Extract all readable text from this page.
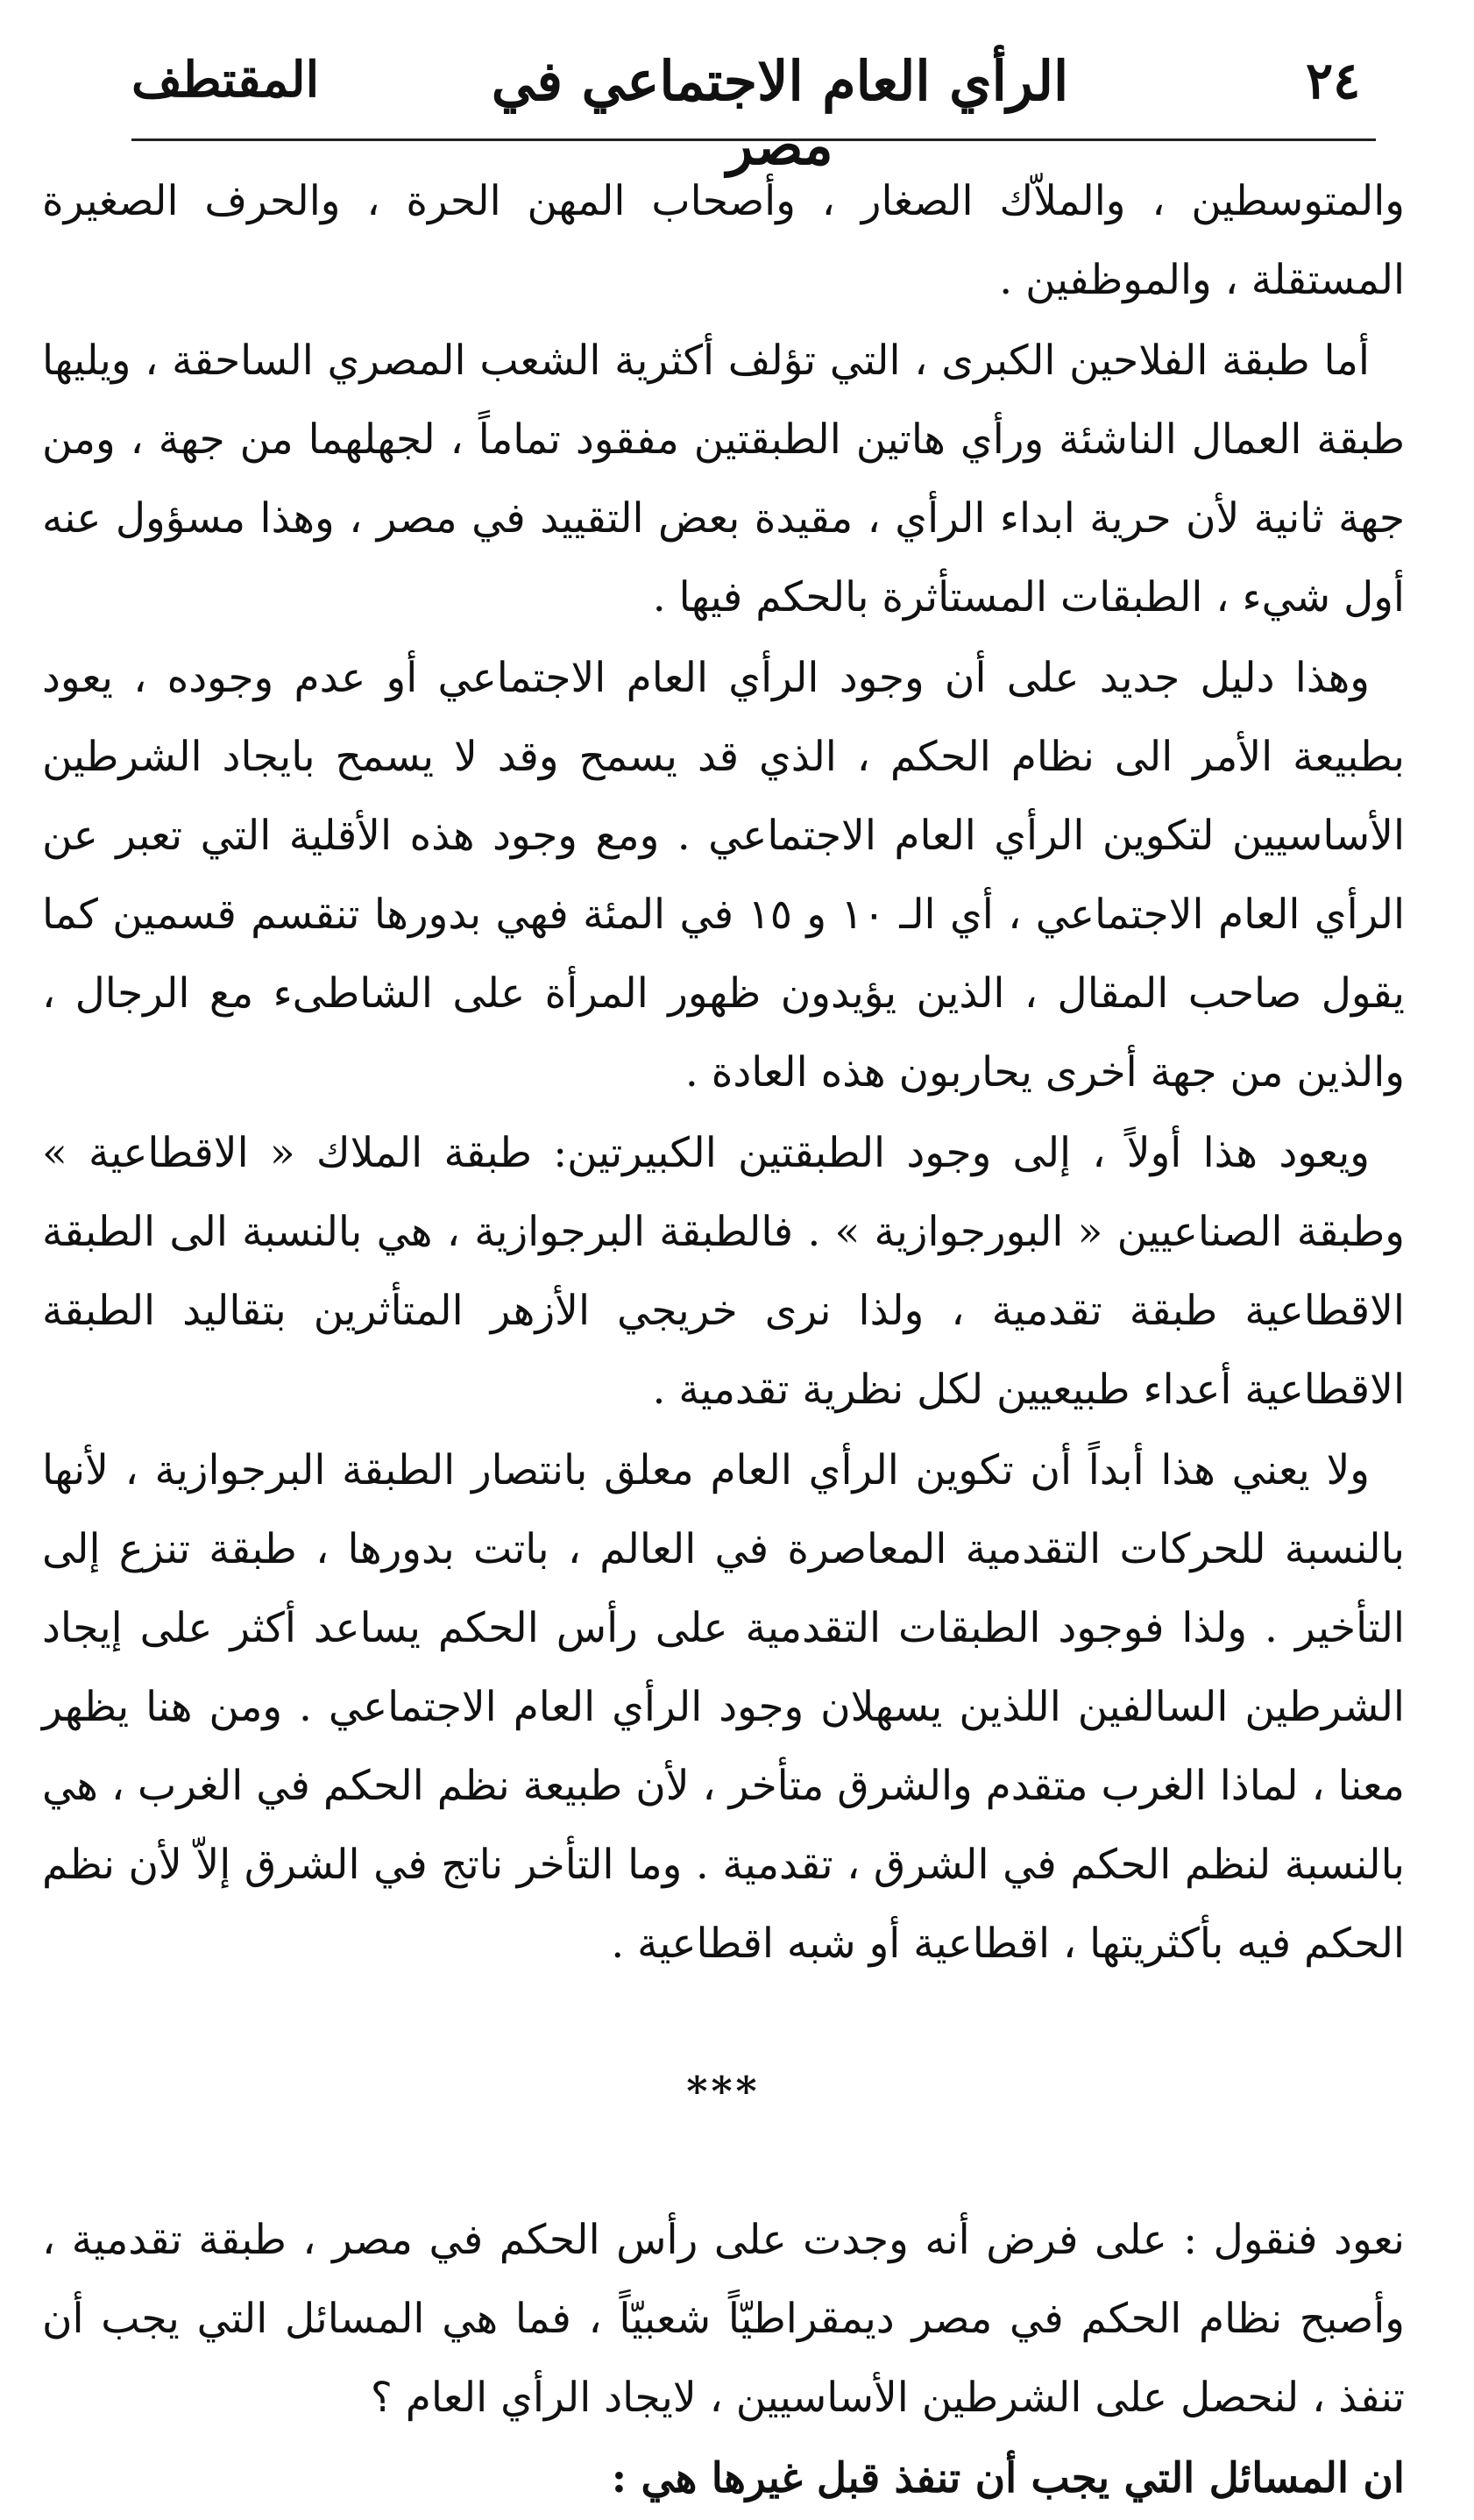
٢٤
الرأي العام الاجتماعي في مصر
المقتطف

والمتوسطين ، والملاّك الصغار ، وأصحاب المهن الحرة ، والحرف الصغيرة المستقلة ، والموظفين .

أما طبقة الفلاحين الكبرى ، التي تؤلف أكثرية الشعب المصري الساحقة ، ويليها طبقة العمال الناشئة ورأي هاتين الطبقتين مفقود تماماً ، لجهلهما من جهة ، ومن جهة ثانية لأن حرية ابداء الرأي ، مقيدة بعض التقييد في مصر ، وهذا مسؤول عنه أول شيء ، الطبقات المستأثرة بالحكم فيها .

وهذا دليل جديد على أن وجود الرأي العام الاجتماعي أو عدم وجوده ، يعود بطبيعة الأمر الى نظام الحكم ، الذي قد يسمح وقد لا يسمح بايجاد الشرطين الأساسيين لتكوين الرأي العام الاجتماعي . ومع وجود هذه الأقلية التي تعبر عن الرأي العام الاجتماعي ، أي الـ ١٠ و ١٥ في المئة فهي بدورها تنقسم قسمين كما يقول صاحب المقال ، الذين يؤيدون ظهور المرأة على الشاطىء مع الرجال ، والذين من جهة أخرى يحاربون هذه العادة .

ويعود هذا أولاً ، إلى وجود الطبقتين الكبيرتين: طبقة الملاك « الاقطاعية » وطبقة الصناعيين « البورجوازية » . فالطبقة البرجوازية ، هي بالنسبة الى الطبقة الاقطاعية طبقة تقدمية ، ولذا نرى خريجي الأزهر المتأثرين بتقاليد الطبقة الاقطاعية أعداء طبيعيين لكل نظرية تقدمية .

ولا يعني هذا أبداً أن تكوين الرأي العام معلق بانتصار الطبقة البرجوازية ، لأنها بالنسبة للحركات التقدمية المعاصرة في العالم ، باتت بدورها ، طبقة تنزع إلى التأخير . ولذا فوجود الطبقات التقدمية على رأس الحكم يساعد أكثر على إيجاد الشرطين السالفين اللذين يسهلان وجود الرأي العام الاجتماعي . ومن هنا يظهر معنا ، لماذا الغرب متقدم والشرق متأخر ، لأن طبيعة نظم الحكم في الغرب ، هي بالنسبة لنظم الحكم في الشرق ، تقدمية . وما التأخر ناتج في الشرق إلاّ لأن نظم الحكم فيه بأكثريتها ، اقطاعية أو شبه اقطاعية .

***

نعود فنقول : على فرض أنه وجدت على رأس الحكم في مصر ، طبقة تقدمية ، وأصبح نظام الحكم في مصر ديمقراطيّاً شعبيّاً ، فما هي المسائل التي يجب أن تنفذ ، لنحصل على الشرطين الأساسيين ، لايجاد الرأي العام ؟

ان المسائل التي يجب أن تنفذ قبل غيرها هي :
